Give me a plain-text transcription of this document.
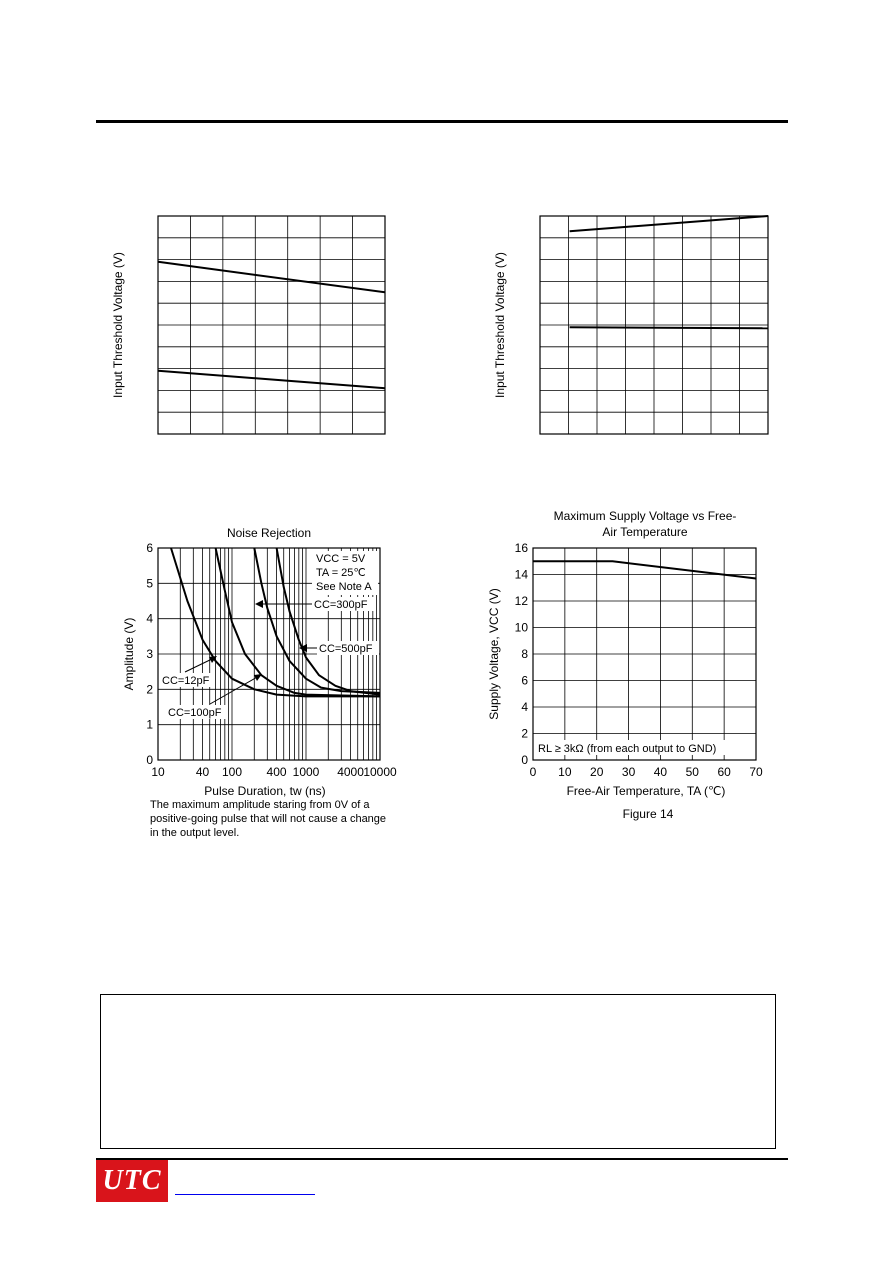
Input Threshold Voltage (V)	Input Threshold Voltage (V)
Noise Rejection
0
1
2
3
4
5
6
10	40 100 400 1000 4000 10000
Amplitude (V)
Pulse Duration, tw (ns)
VCC = 5V
TA = 25℃
See Note A
CC=300pF
CC=500pF
CC=12pF
CC=100pF
The maximum amplitude staring from 0V of a positive-going pulse that will not cause a change in the output level.
Maximum Supply Voltage vs Free-Air Temperature
0
2
4
6
8
10
12
14
16
0 10 20 30 40 50 60 70
RL ≥ 3kΩ (from each output to GND)
Supply Voltage, VCC (V)
Free-Air Temperature, TA (℃)
Figure 14
UTC
